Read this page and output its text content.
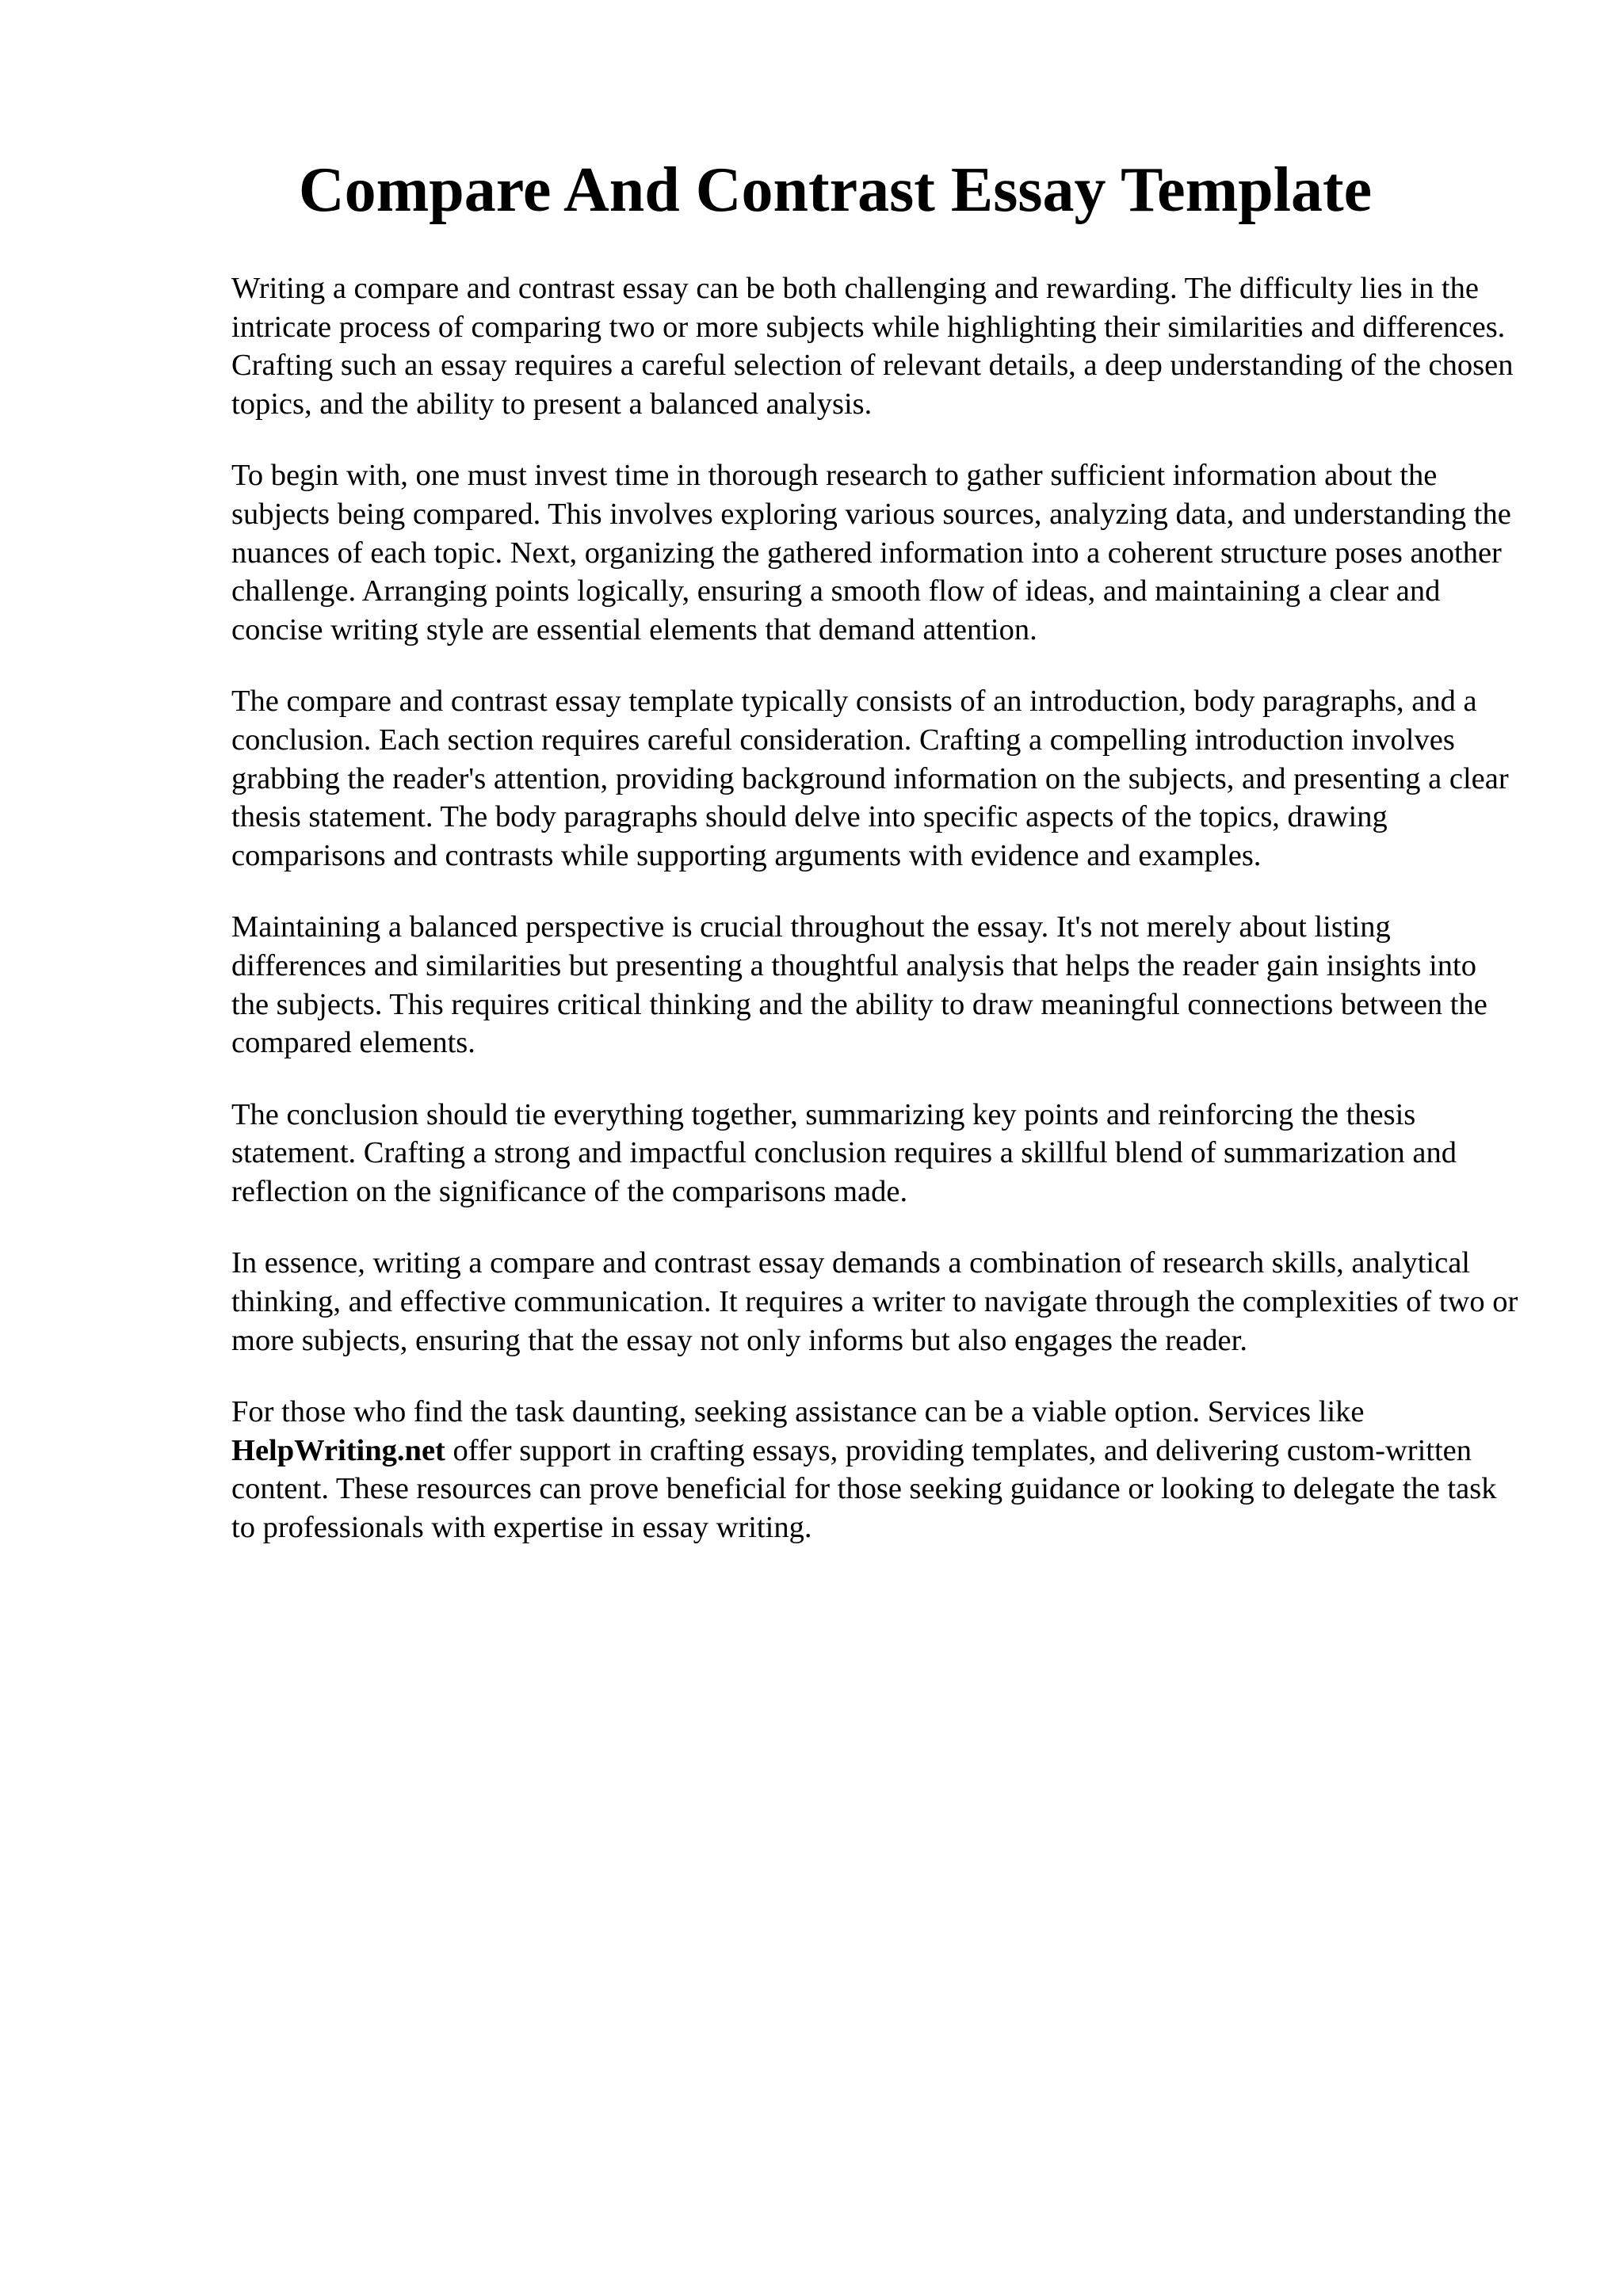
Compare And Contrast Essay Template

Writing a compare and contrast essay can be both challenging and rewarding. The difficulty lies in the intricate process of comparing two or more subjects while highlighting their similarities and differences. Crafting such an essay requires a careful selection of relevant details, a deep understanding of the chosen topics, and the ability to present a balanced analysis.

To begin with, one must invest time in thorough research to gather sufficient information about the subjects being compared. This involves exploring various sources, analyzing data, and understanding the nuances of each topic. Next, organizing the gathered information into a coherent structure poses another challenge. Arranging points logically, ensuring a smooth flow of ideas, and maintaining a clear and concise writing style are essential elements that demand attention.

The compare and contrast essay template typically consists of an introduction, body paragraphs, and a conclusion. Each section requires careful consideration. Crafting a compelling introduction involves grabbing the reader's attention, providing background information on the subjects, and presenting a clear thesis statement. The body paragraphs should delve into specific aspects of the topics, drawing comparisons and contrasts while supporting arguments with evidence and examples.

Maintaining a balanced perspective is crucial throughout the essay. It's not merely about listing differences and similarities but presenting a thoughtful analysis that helps the reader gain insights into the subjects. This requires critical thinking and the ability to draw meaningful connections between the compared elements.

The conclusion should tie everything together, summarizing key points and reinforcing the thesis statement. Crafting a strong and impactful conclusion requires a skillful blend of summarization and reflection on the significance of the comparisons made.

In essence, writing a compare and contrast essay demands a combination of research skills, analytical thinking, and effective communication. It requires a writer to navigate through the complexities of two or more subjects, ensuring that the essay not only informs but also engages the reader.

For those who find the task daunting, seeking assistance can be a viable option. Services like HelpWriting.net offer support in crafting essays, providing templates, and delivering custom-written content. These resources can prove beneficial for those seeking guidance or looking to delegate the task to professionals with expertise in essay writing.
